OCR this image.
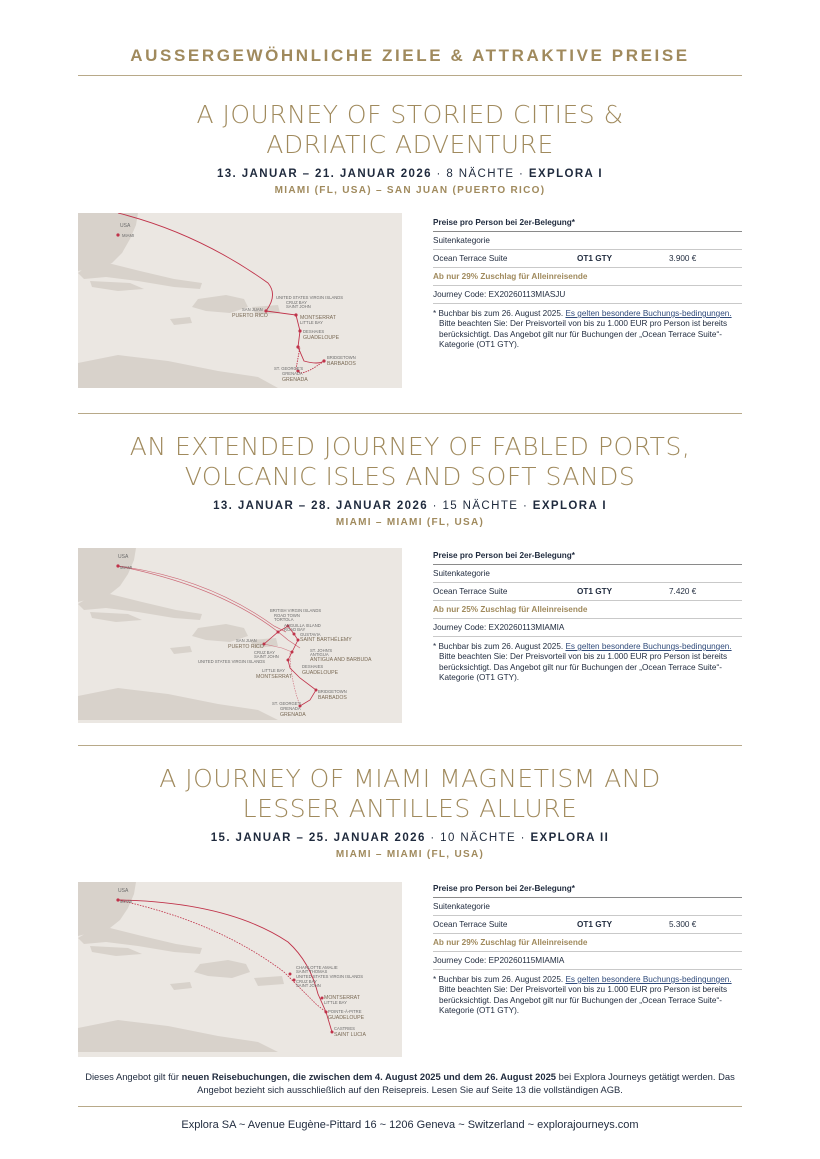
AUSSERGEWÖHNLICHE ZIELE & ATTRAKTIVE PREISE
A JOURNEY OF STORIED CITIES &
ADRIATIC ADVENTURE
13. JANUAR – 21. JANUAR 2026 · 8 NÄCHTE · EXPLORA I
MIAMI (FL, USA) – SAN JUAN (PUERTO RICO)
USA
MIAMI
UNITED STATES VIRGIN ISLANDS
CRUZ BAY
SAINT JOHN
SAN JUAN
PUERTO RICO	MONTSERRAT
LITTLE BAY
DESHAIES
GUADELOUPE
BRIDGETOWN
BARBADOS
ST. GEORGE'S
GRENADA
GRENADA
Preise pro Person bei 2er-Belegung*
Suitenkategorie
Ocean Terrace Suite	OT1 GTY	3.900 €
Ab nur 29% Zuschlag für Alleinreisende
Journey Code: EX20260113MIASJU
* Buchbar bis zum 26. August 2025. Es gelten besondere Buchungs-bedingungen. Bitte beachten Sie: Der Preisvorteil von bis zu 1.000 EUR pro Person ist bereits berücksichtigt. Das Angebot gilt nur für Buchungen der „Ocean Terrace Suite“-Kategorie (OT1 GTY).
AN EXTENDED JOURNEY OF FABLED PORTS,
VOLCANIC ISLES AND SOFT SANDS
13. JANUAR – 28. JANUAR 2026 · 15 NÄCHTE · EXPLORA I
MIAMI – MIAMI (FL, USA)
USA
MIAMI
BRITISH VIRGIN ISLANDS
ROAD TOWN
TORTOLA
ANGUILLA ISLAND
ROAD BAY
GUSTAVIA
SAINT BARTHÉLEMY
SAN JUAN
PUERTO RICO
CRUZ BAY
SAINT JOHN
UNITED STATES VIRGIN ISLANDS
ST. JOHN'S
ANTIGUA
ANTIGUA AND BARBUDA
DESHAIES
GUADELOUPE
LITTLE BAY
MONTSERRAT
BRIDGETOWN
BARBADOS
ST. GEORGE'S
GRENADA
GRENADA
Preise pro Person bei 2er-Belegung*
Suitenkategorie
Ocean Terrace Suite	OT1 GTY	7.420 €
Ab nur 25% Zuschlag für Alleinreisende
Journey Code: EX20260113MIAMIA
* Buchbar bis zum 26. August 2025. Es gelten besondere Buchungs-bedingungen. Bitte beachten Sie: Der Preisvorteil von bis zu 1.000 EUR pro Person ist bereits berücksichtigt. Das Angebot gilt nur für Buchungen der „Ocean Terrace Suite“-Kategorie (OT1 GTY).
A JOURNEY OF MIAMI MAGNETISM AND
LESSER ANTILLES ALLURE
15. JANUAR – 25. JANUAR 2026 · 10 NÄCHTE · EXPLORA II
MIAMI – MIAMI (FL, USA)
USA
MIAMI
CHARLOTTE AMALIE
SAINT THOMAS
UNITED STATES VIRGIN ISLANDS
CRUZ BAY
SAINT JOHN
MONTSERRAT
LITTLE BAY
POINTE-À-PITRE
GUADELOUPE
CASTRIES
SAINT LUCIA
Preise pro Person bei 2er-Belegung*
Suitenkategorie
Ocean Terrace Suite	OT1 GTY	5.300 €
Ab nur 29% Zuschlag für Alleinreisende
Journey Code: EP20260115MIAMIA
* Buchbar bis zum 26. August 2025. Es gelten besondere Buchungs-bedingungen. Bitte beachten Sie: Der Preisvorteil von bis zu 1.000 EUR pro Person ist bereits berücksichtigt. Das Angebot gilt nur für Buchungen der „Ocean Terrace Suite“-Kategorie (OT1 GTY).
Dieses Angebot gilt für neuen Reisebuchungen, die zwischen dem 4. August 2025 und dem 26. August 2025 bei Explora Journeys getätigt werden. Das Angebot bezieht sich ausschließlich auf den Reisepreis. Lesen Sie auf Seite 13 die vollständigen AGB.
Explora SA ~ Avenue Eugène-Pittard 16 ~ 1206 Geneva ~ Switzerland ~ explorajourneys.com
